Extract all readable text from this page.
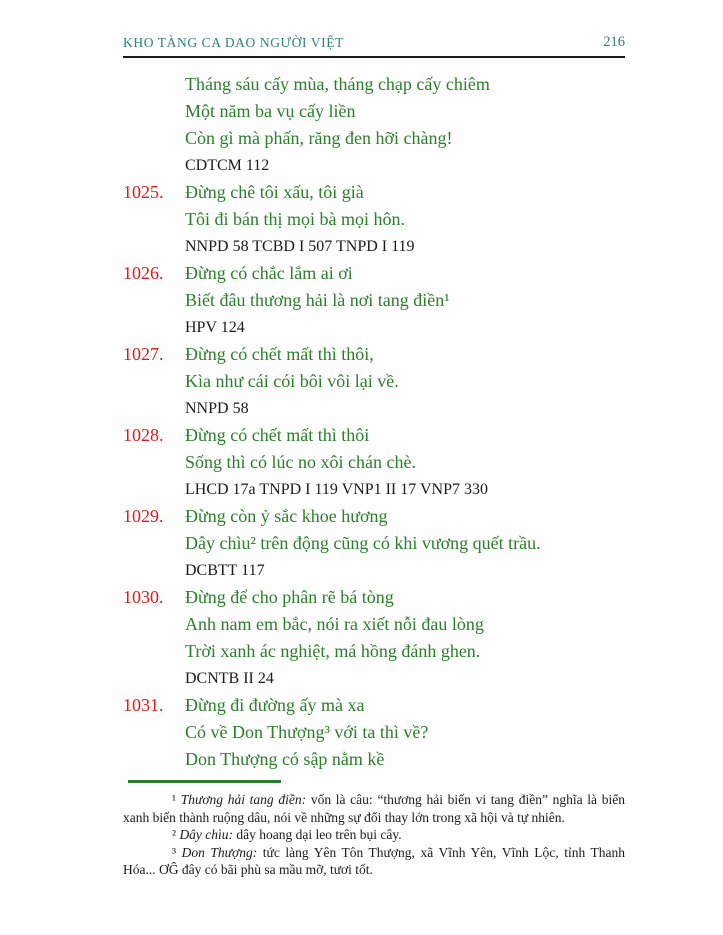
KHO TÀNG CA DAO NGƯỜI VIỆT	216
Tháng sáu cấy mùa, tháng chạp cấy chiêm
Một năm ba vụ cấy liền
Còn gì mà phấn, răng đen hỡi chàng!
CDTCM 112
1025.	Đừng chê tôi xấu, tôi già
Tôi đi bán thị mọi bà mọi hôn.
NNPD 58 TCBD I 507 TNPD I 119
1026.	Đừng có chắc lắm ai ơi
Biết đâu thương hải là nơi tang điền¹
HPV 124
1027.	Đừng có chết mất thì thôi,
Kìa như cái cói bôi vôi lại về.
NNPD 58
1028.	Đừng có chết mất thì thôi
Sống thì có lúc no xôi chán chè.
LHCD 17a TNPD I 119 VNP1 II 17 VNP7 330
1029.	Đừng còn ỷ sắc khoe hương
Dây chìu² trên động cũng có khi vương quết trầu.
DCBTT 117
1030.	Đừng để cho phân rẽ bá tòng
Anh nam em bắc, nói ra xiết nỗi đau lòng
Trời xanh ác nghiệt, má hồng đánh ghen.
DCNTB II 24
1031.	Đừng đi đường ấy mà xa
Có về Don Thượng³ với ta thì về?
Don Thượng có sập nằm kề

¹ Thương hải tang điền: vốn là câu: “thương hải biến vi tang điền” nghĩa là biển xanh biến thành ruộng dâu, nói về những sự đổi thay lớn trong xã hội và tự nhiên.

² Dây chìu: dây hoang dại leo trên bụi cây.

³ Don Thượng: tức làng Yên Tôn Thượng, xã Vĩnh Yên, Vĩnh Lộc, tỉnh Thanh Hóa... ƠĜ đây có bãi phù sa mầu mỡ, tươi tốt.
